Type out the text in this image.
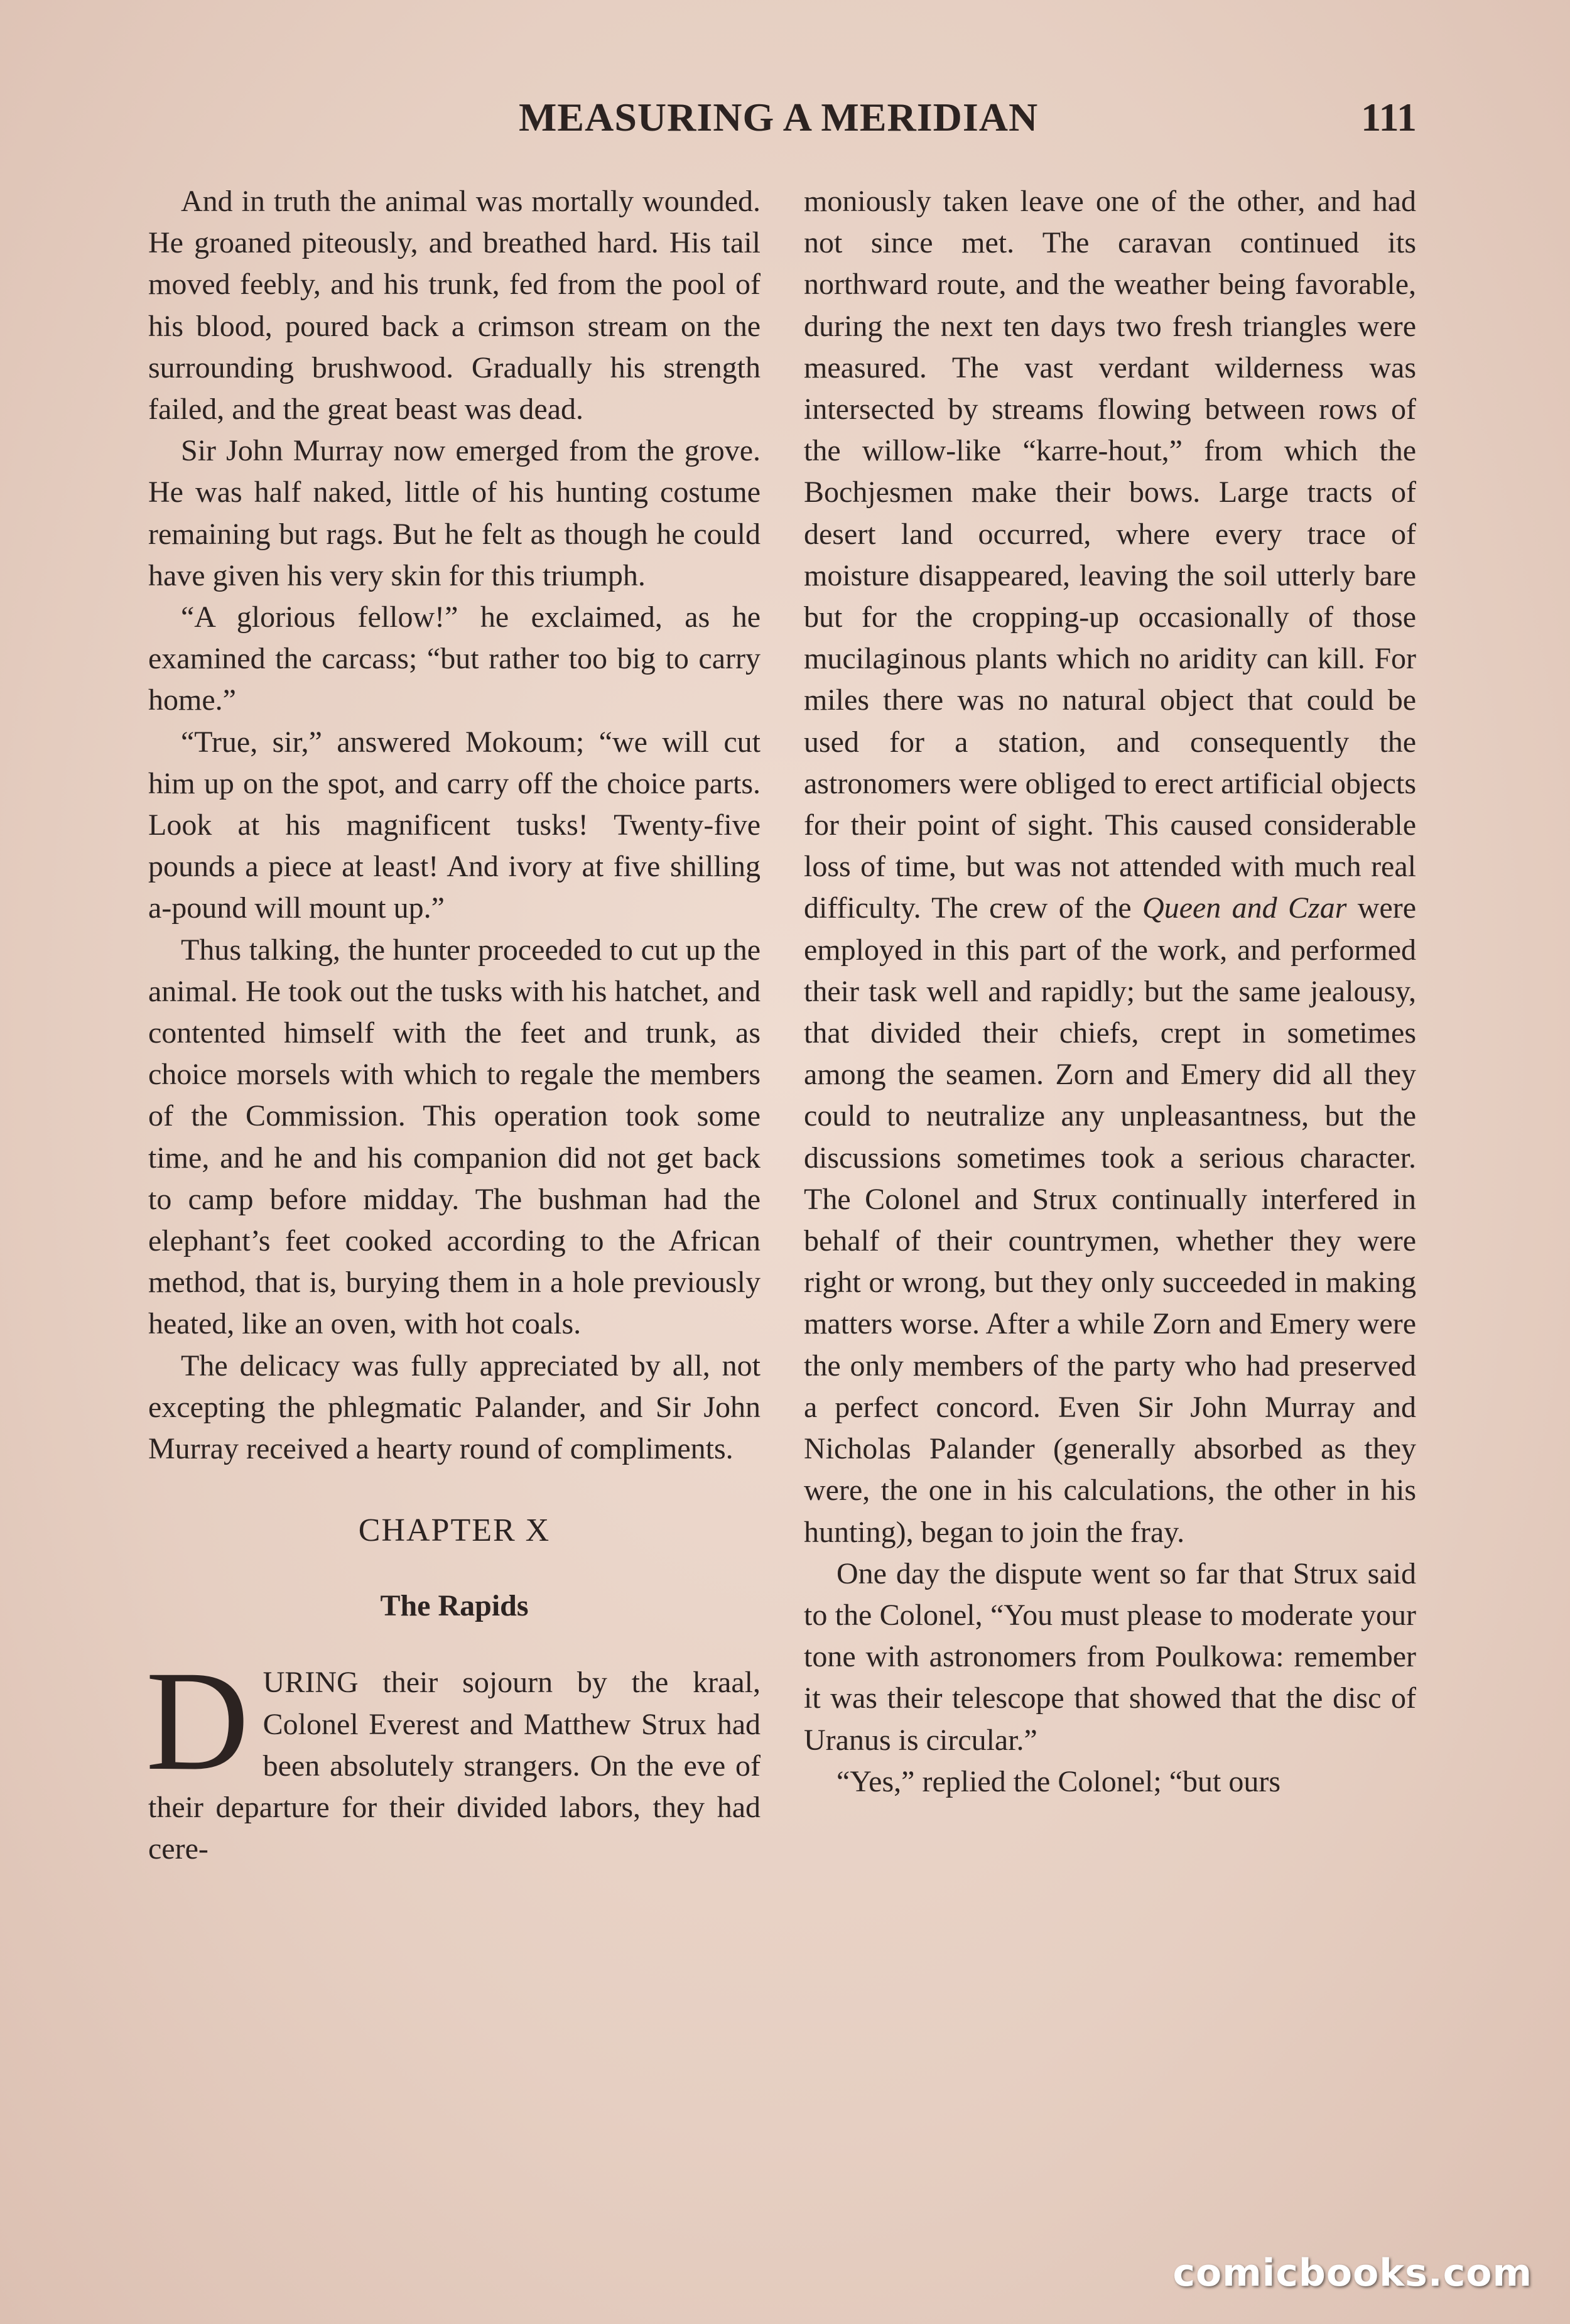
MEASURING A MERIDIAN	111

And in truth the animal was mortally wounded. He groaned piteously, and breathed hard. His tail moved feebly, and his trunk, fed from the pool of his blood, poured back a crimson stream on the surrounding brushwood. Gradually his strength failed, and the great beast was dead.

Sir John Murray now emerged from the grove. He was half naked, little of his hunting costume remaining but rags. But he felt as though he could have given his very skin for this triumph.

“A glorious fellow!” he exclaimed, as he examined the carcass; “but rather too big to carry home.”

“True, sir,” answered Mokoum; “we will cut him up on the spot, and carry off the choice parts. Look at his magnificent tusks! Twenty-five pounds a piece at least! And ivory at five shilling a-pound will mount up.”

Thus talking, the hunter proceeded to cut up the animal. He took out the tusks with his hatchet, and contented himself with the feet and trunk, as choice morsels with which to regale the members of the Commission. This operation took some time, and he and his companion did not get back to camp before midday. The bushman had the elephant’s feet cooked according to the African method, that is, burying them in a hole previously heated, like an oven, with hot coals.

The delicacy was fully appreciated by all, not excepting the phlegmatic Palander, and Sir John Murray received a hearty round of compliments.

CHAPTER X
The Rapids

DURING their sojourn by the kraal, Colonel Everest and Matthew Strux had been absolutely strangers. On the eve of their departure for their divided labors, they had cere-

moniously taken leave one of the other, and had not since met. The caravan continued its northward route, and the weather being favorable, during the next ten days two fresh triangles were measured. The vast verdant wilderness was intersected by streams flowing between rows of the willow-like “karre-hout,” from which the Bochjesmen make their bows. Large tracts of desert land occurred, where every trace of moisture disappeared, leaving the soil utterly bare but for the cropping-up occasionally of those mucilaginous plants which no aridity can kill. For miles there was no natural object that could be used for a station, and consequently the astronomers were obliged to erect artificial objects for their point of sight. This caused considerable loss of time, but was not attended with much real difficulty. The crew of the Queen and Czar were employed in this part of the work, and performed their task well and rapidly; but the same jealousy, that divided their chiefs, crept in sometimes among the seamen. Zorn and Emery did all they could to neutralize any unpleasantness, but the discussions sometimes took a serious character. The Colonel and Strux continually interfered in behalf of their countrymen, whether they were right or wrong, but they only succeeded in making matters worse. After a while Zorn and Emery were the only members of the party who had preserved a perfect concord. Even Sir John Murray and Nicholas Palander (generally absorbed as they were, the one in his calculations, the other in his hunting), began to join the fray.

One day the dispute went so far that Strux said to the Colonel, “You must please to moderate your tone with astronomers from Poulkowa: remember it was their telescope that showed that the disc of Uranus is circular.”

“Yes,” replied the Colonel; “but ours

comicbooks.com
